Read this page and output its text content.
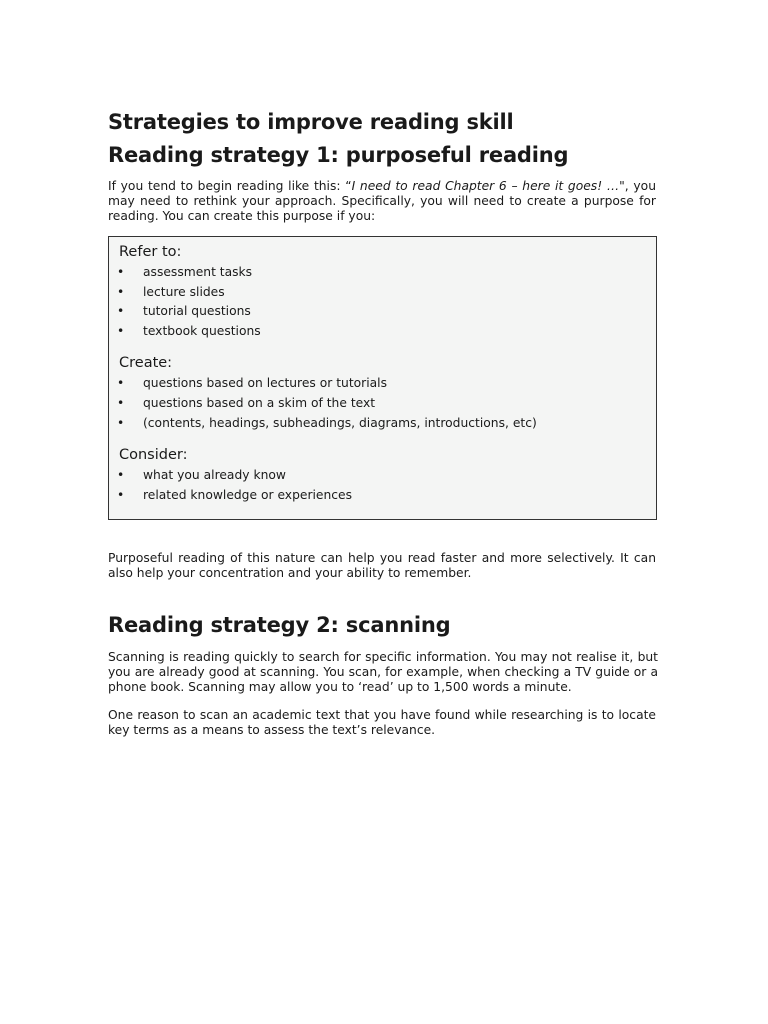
Strategies to improve reading skill
Reading strategy 1: purposeful reading

If you tend to begin reading like this: “I need to read Chapter 6 – here it goes! …", you may need to rethink your approach. Specifically, you will need to create a purpose for reading. You can create this purpose if you:

Refer to:
• assessment tasks
• lecture slides
• tutorial questions
• textbook questions
Create:
• questions based on lectures or tutorials
• questions based on a skim of the text
• (contents, headings, subheadings, diagrams, introductions, etc)
Consider:
• what you already know
• related knowledge or experiences

Purposeful reading of this nature can help you read faster and more selectively. It can also help your concentration and your ability to remember.

Reading strategy 2: scanning

Scanning is reading quickly to search for specific information. You may not realise it, but you are already good at scanning. You scan, for example, when checking a TV guide or a phone book. Scanning may allow you to ‘read’ up to 1,500 words a minute.

One reason to scan an academic text that you have found while researching is to locate key terms as a means to assess the text’s relevance.
